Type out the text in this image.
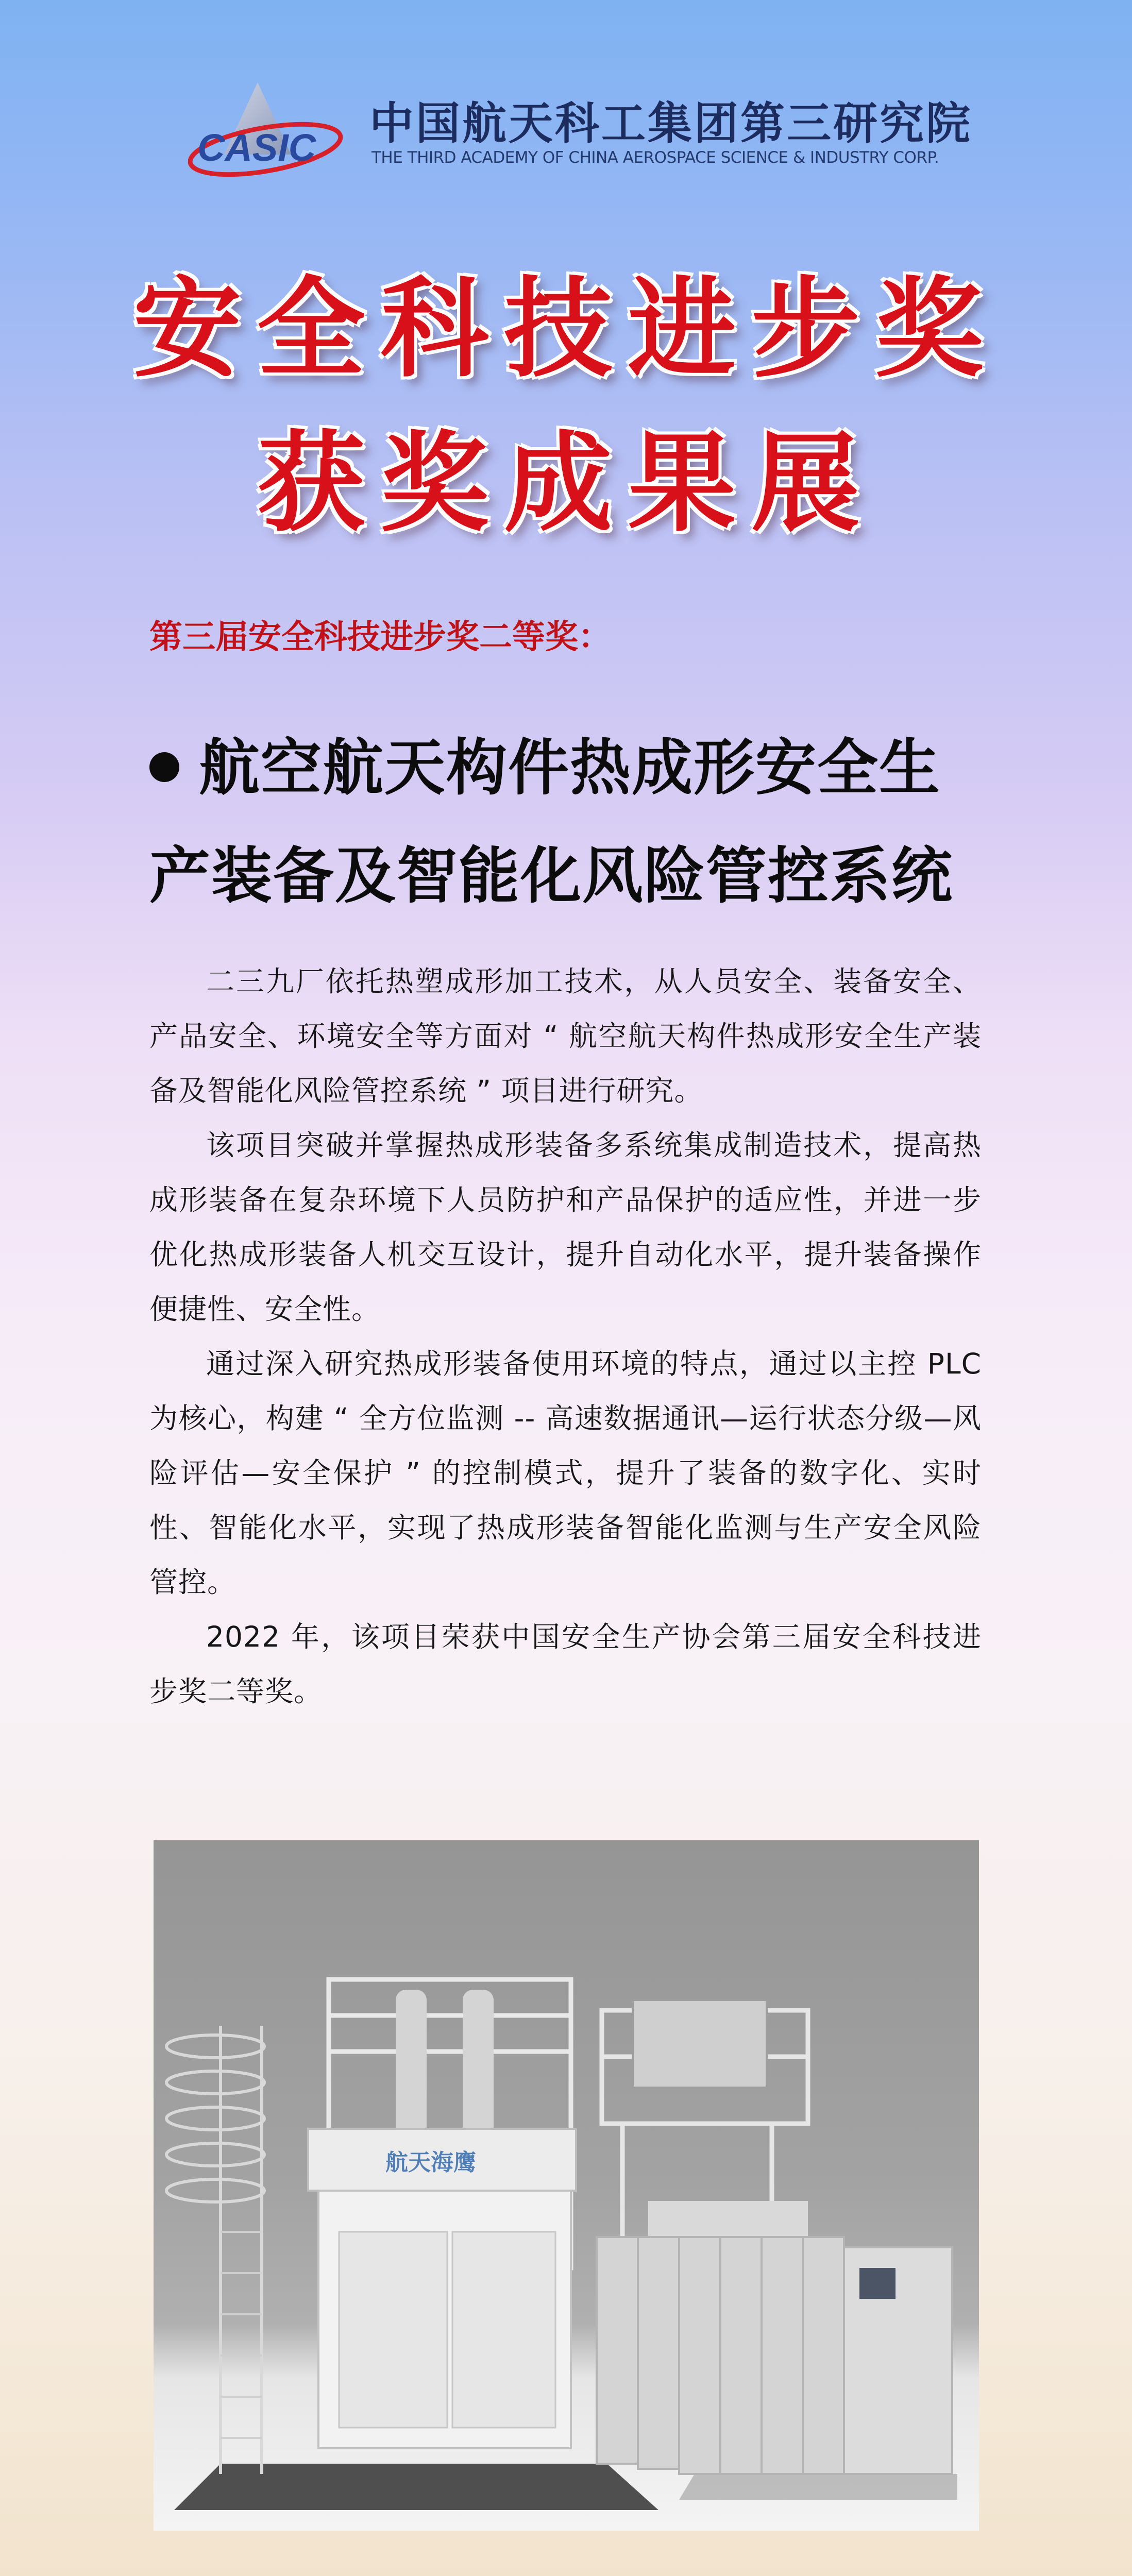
CASIC 中国航天科工集团第三研究院
THE THIRD ACADEMY OF CHINA AEROSPACE SCIENCE & INDUSTRY CORP.
安全科技进步奖
获奖成果展
第三届安全科技进步奖二等奖：
航空航天构件热成形安全生
产装备及智能化风险管控系统

二三九厂依托热塑成形加工技术，从人员安全、装备安全、产品安全、环境安全等方面对 “ 航空航天构件热成形安全生产装备及智能化风险管控系统 ” 项目进行研究。

该项目突破并掌握热成形装备多系统集成制造技术，提高热成形装备在复杂环境下人员防护和产品保护的适应性，并进一步优化热成形装备人机交互设计，提升自动化水平，提升装备操作便捷性、安全性。

通过深入研究热成形装备使用环境的特点，通过以主控 PLC 为核心，构建 “ 全方位监测 -- 高速数据通讯—运行状态分级—风险评估—安全保护 ” 的控制模式，提升了装备的数字化、实时性、智能化水平，实现了热成形装备智能化监测与生产安全风险管控。

2022 年，该项目荣获中国安全生产协会第三届安全科技进步奖二等奖。

航天海鹰
